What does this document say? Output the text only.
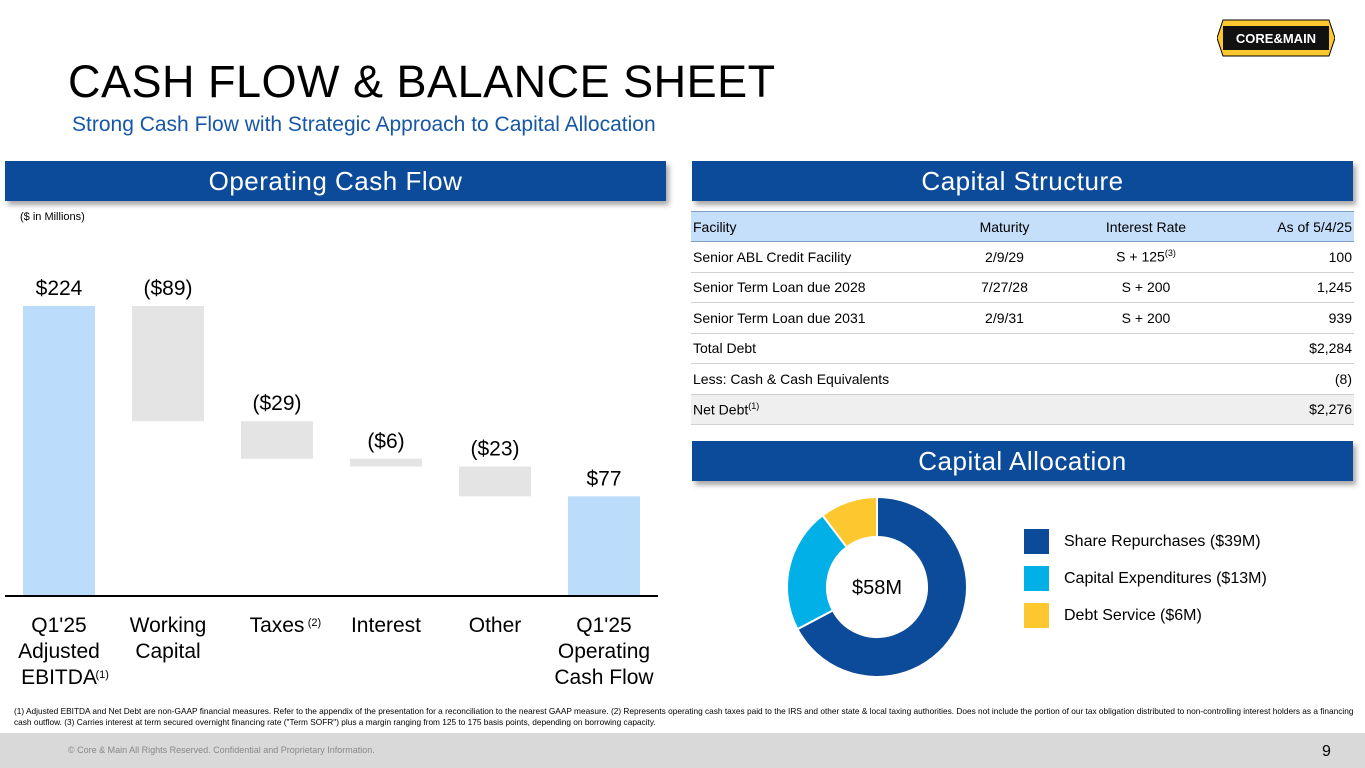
CASH FLOW & BALANCE SHEET
Strong Cash Flow with Strategic Approach to Capital Allocation
CORE&MAIN
Operating Cash Flow	Capital Structure
Capital Allocation
($ in Millions)
$224
Q1'25
Adjusted
EBITDA
(1)
($89)
Working
Capital
($29)
Taxes (2)
($6)
Interest
($23)
Other
$77
Q1'25
Operating
Cash Flow
Facility	Maturity	Interest Rate	As of 5/4/25
Senior ABL Credit Facility	2/9/29	$S + 125^{(3)}$	100
Senior Term Loan due 2028	7/27/28	S + 200	1,245
Senior Term Loan due 2031	2/9/31	S + 200	939
Total Debt			$2,284
Less: Cash & Cash Equivalents			(8)
Net Debt$^{(1)}$			$2,276
$58M
Share Repurchases ($39M)
Capital Expenditures ($13M)
Debt Service ($6M)
(1) Adjusted EBITDA and Net Debt are non-GAAP financial measures. Refer to the appendix of the presentation for a reconciliation to the nearest GAAP measure. (2) Represents operating cash taxes paid to the IRS and other state & local taxing authorities. Does not include the portion of our tax obligation distributed to non-controlling interest holders as a financing cash outflow. (3) Carries interest at term secured overnight financing rate ("Term SOFR") plus a margin ranging from 125 to 175 basis points, depending on borrowing capacity.
© Core & Main All Rights Reserved. Confidential and Proprietary Information.	9
